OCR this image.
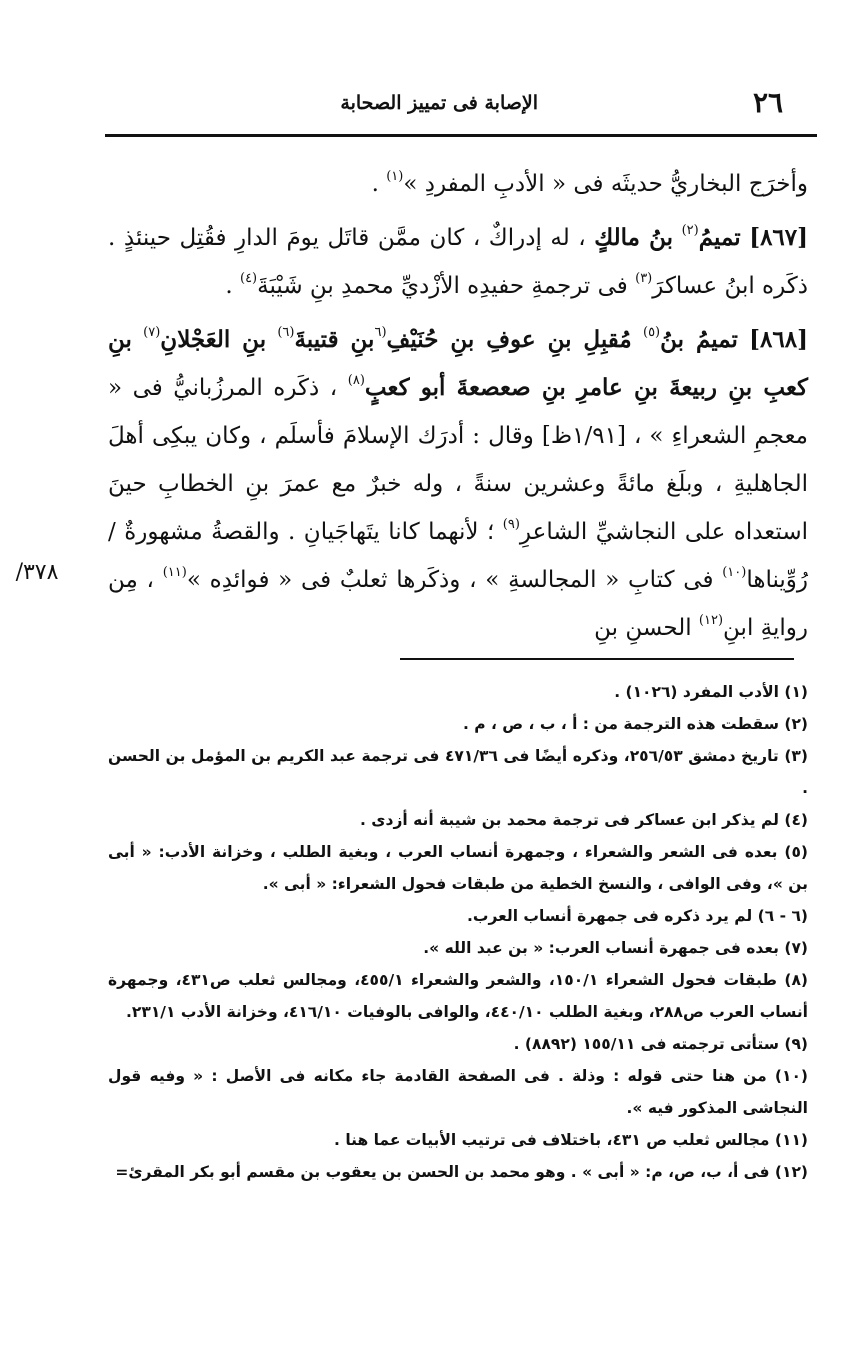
٢٦
الإصابة فى تمييز الصحابة
/٣٧٨

وأخرَج البخاريُّ حديثَه فى « الأدبِ المفردِ »$^{(١)}$ .

[٨٦٧] تميمُ$^{(٢)}$ بنُ مالكٍ ، له إدراكٌ ، كان ممَّن قاتَل يومَ الدارِ فقُتِل حينئذٍ . ذكَره ابنُ عساكرَ$^{(٣)}$ فى ترجمةِ حفيدِه الأزْديِّ محمدِ بنِ شَيْبَةَ$^{(٤)}$ .

[٨٦٨] تميمُ بنُ$^{(٥)}$ مُقبِلِ بنِ عوفِ بنِ حُنَيْفِ$^{(٦}$بنِ قتيبةَ$^{(٦)}$ بنِ العَجْلانِ$^{(٧)}$ بنِ كعبِ بنِ ربيعةَ بنِ عامرِ بنِ صعصعةَ أبو كعبٍ$^{(٨)}$ ، ذكَره المرزُبانيُّ فى « معجمِ الشعراءِ » ، [١/٩١ظ] وقال : أدرَك الإسلامَ فأسلَم ، وكان يبكِى أهلَ الجاهليةِ ، وبلَغ مائةً وعشرين سنةً ، وله خبرٌ مع عمرَ بنِ الخطابِ حينَ استعداه على النجاشيِّ الشاعرِ$^{(٩)}$ ؛ لأنهما كانا يتَهاجَيانِ . والقصةُ مشهورةٌ / رُوِّيناها$^{(١٠)}$ فى كتابِ « المجالسةِ » ، وذكَرها ثعلبٌ فى « فوائدِه »$^{(١١)}$ ، مِن روايةِ ابنِ$^{(١٢)}$ الحسنِ بنِ

(١) الأدب المفرد (١٠٢٦) .

(٢) سقطت هذه الترجمة من : أ ، ب ، ص ، م .

(٣) تاريخ دمشق ٢٥٦/٥٣، وذكره أيضًا فى ٤٧١/٣٦ فى ترجمة عبد الكريم بن المؤمل بن الحسن .

(٤) لم يذكر ابن عساكر فى ترجمة محمد بن شيبة أنه أزدى .

(٥) بعده فى الشعر والشعراء ، وجمهرة أنساب العرب ، وبغية الطلب ، وخزانة الأدب: « أبى بن »، وفى الوافى ، والنسخ الخطية من طبقات فحول الشعراء: « أبى ».

(٦ - ٦) لم يرد ذكره فى جمهرة أنساب العرب.

(٧) بعده فى جمهرة أنساب العرب: « بن عبد الله ».

(٨) طبقات فحول الشعراء ١٥٠/١، والشعر والشعراء ٤٥٥/١، ومجالس ثعلب ص٤٣١، وجمهرة أنساب العرب ص٢٨٨، وبغية الطلب ٤٤٠/١٠، والوافى بالوفيات ٤١٦/١٠، وخزانة الأدب ٢٣١/١.

(٩) ستأتى ترجمته فى ١٥٥/١١ (٨٨٩٢) .

(١٠) من هنا حتى قوله : وذلة . فى الصفحة القادمة جاء مكانه فى الأصل : « وفيه قول النجاشى المذكور فيه ».

(١١) مجالس ثعلب ص ٤٣١، باختلاف فى ترتيب الأبيات عما هنا .

(١٢) فى أ، ب، ص، م: « أبى » . وهو محمد بن الحسن بن يعقوب بن مقسم أبو بكر المقرئ=
